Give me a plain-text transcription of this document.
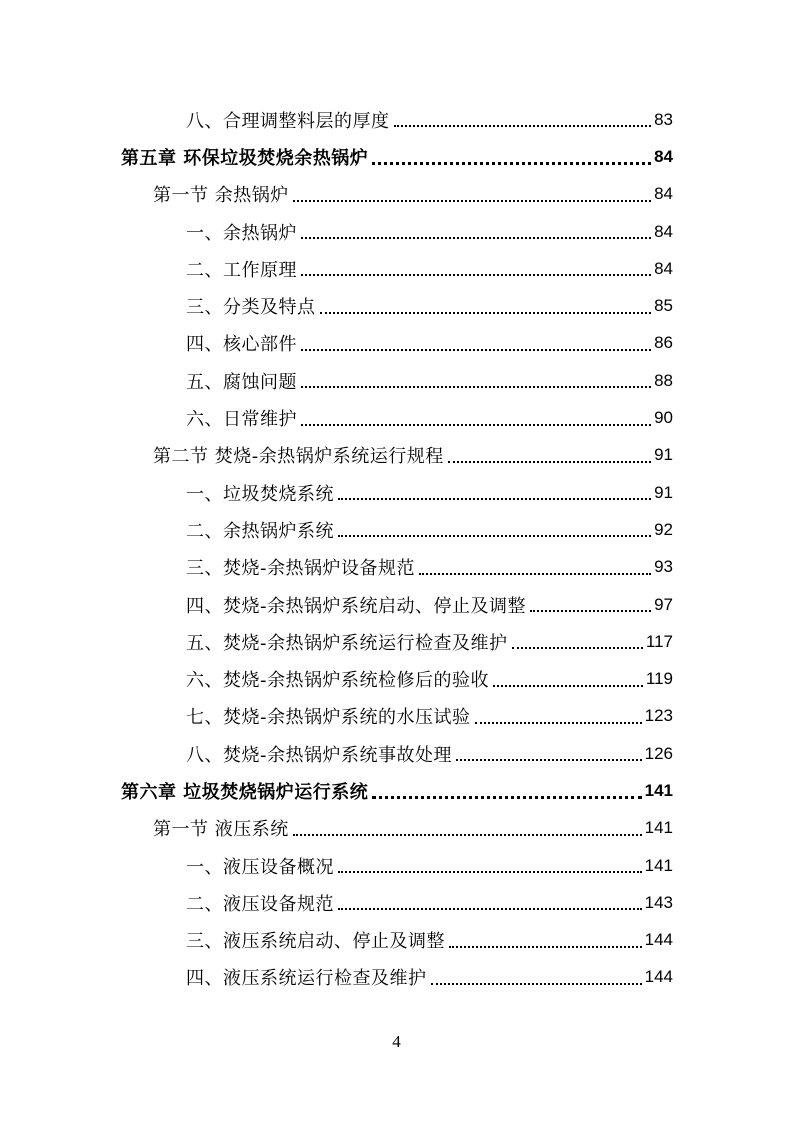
八、合理调整料层的厚度	83
第五章 环保垃圾焚烧余热锅炉	84
第一节 余热锅炉	84
一、余热锅炉	84
二、工作原理	84
三、分类及特点	85
四、核心部件	86
五、腐蚀问题	88
六、日常维护	90
第二节 焚烧-余热锅炉系统运行规程	91
一、垃圾焚烧系统	91
二、余热锅炉系统	92
三、焚烧-余热锅炉设备规范	93
四、焚烧-余热锅炉系统启动、停止及调整	97
五、焚烧-余热锅炉系统运行检查及维护	117
六、焚烧-余热锅炉系统检修后的验收	119
七、焚烧-余热锅炉系统的水压试验	123
八、焚烧-余热锅炉系统事故处理	126
第六章 垃圾焚烧锅炉运行系统	141
第一节 液压系统	141
一、液压设备概况	141
二、液压设备规范	143
三、液压系统启动、停止及调整	144
四、液压系统运行检查及维护	144
4
